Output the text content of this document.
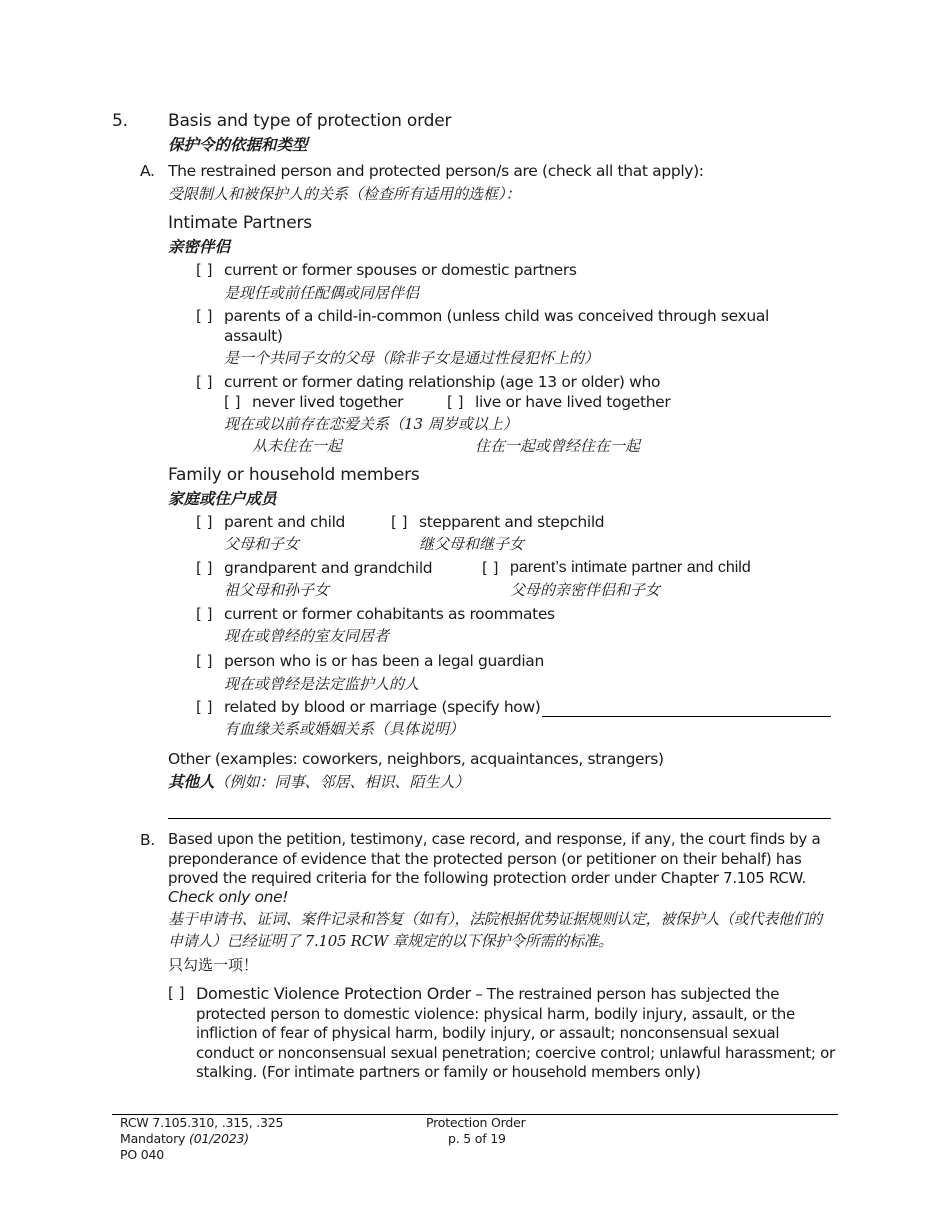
5. Basis and type of protection order
保护令的依据和类型
A. The restrained person and protected person/s are (check all that apply):
受限制人和被保护人的关系（检查所有适用的选框）：
Intimate Partners
亲密伴侣
[ ] current or former spouses or domestic partners
是现任或前任配偶或同居伴侣
[ ] parents of a child-in-common (unless child was conceived through sexual
assault)
是一个共同子女的父母（除非子女是通过性侵犯怀上的）
[ ] current or former dating relationship (age 13 or older) who
[ ] never lived together	[ ] live or have lived together
现在或以前存在恋爱关系（13 周岁或以上）
从未住在一起	住在一起或曾经住在一起
Family or household members
家庭或住户成员
[ ] parent and child	[ ] stepparent and stepchild
父母和子女	继父母和继子女
[ ] grandparent and grandchild	[ ] parent’s intimate partner and child
祖父母和孙子女	父母的亲密伴侣和子女
[ ] current or former cohabitants as roommates
现在或曾经的室友同居者
[ ] person who is or has been a legal guardian
现在或曾经是法定监护人的人
[ ] related by blood or marriage (specify how)
有血缘关系或婚姻关系（具体说明）
Other (examples: coworkers, neighbors, acquaintances, strangers)
其他人（例如：同事、邻居、相识、陌生人）
B. Based upon the petition, testimony, case record, and response, if any, the court finds by a preponderance of evidence that the protected person (or petitioner on their behalf) has proved the required criteria for the following protection order under Chapter 7.105 RCW.
Check only one!
基于申请书、证词、案件记录和答复（如有），法院根据优势证据规则认定，被保护人（或代表他们的申请人）已经证明了 7.105 RCW 章规定的以下保护令所需的标准。
只勾选一项！
[ ] Domestic Violence Protection Order – The restrained person has subjected the protected person to domestic violence: physical harm, bodily injury, assault, or the infliction of fear of physical harm, bodily injury, or assault; nonconsensual sexual conduct or nonconsensual sexual penetration; coercive control; unlawful harassment; or stalking. (For intimate partners or family or household members only)
RCW 7.105.310, .315, .325
Mandatory (01/2023)
PO 040
Protection Order
p. 5 of 19
